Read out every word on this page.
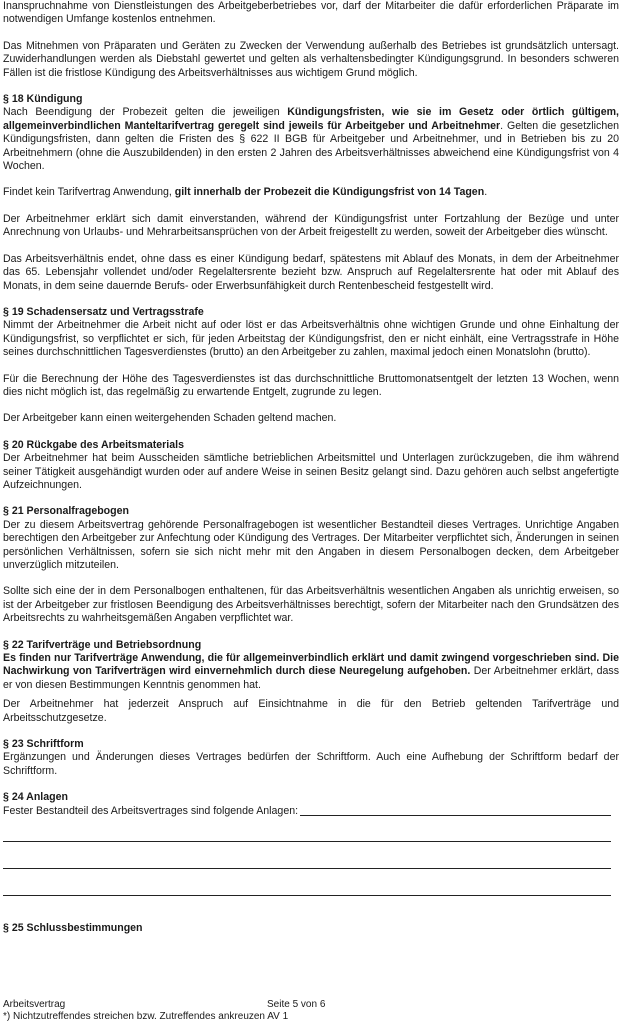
Inanspruchnahme von Dienstleistungen des Arbeitgeberbetriebes vor, darf der Mitarbeiter die dafür erforderlichen Präparate im notwendigen Umfange kostenlos entnehmen.

Das Mitnehmen von Präparaten und Geräten zu Zwecken der Verwendung außerhalb des Betriebes ist grundsätzlich untersagt. Zuwiderhandlungen werden als Diebstahl gewertet und gelten als verhaltensbedingter Kündigungsgrund. In besonders schweren Fällen ist die fristlose Kündigung des Arbeitsverhältnisses aus wichtigem Grund möglich.

§ 18 Kündigung

Nach Beendigung der Probezeit gelten die jeweiligen Kündigungsfristen, wie sie im Gesetz oder örtlich gültigem, allgemeinverbindlichen Manteltarifvertrag geregelt sind jeweils für Arbeitgeber und Arbeitnehmer. Gelten die gesetzlichen Kündigungsfristen, dann gelten die Fristen des § 622 II BGB für Arbeitgeber und Arbeitnehmer, und in Betrieben bis zu 20 Arbeitnehmern (ohne die Auszubildenden) in den ersten 2 Jahren des Arbeitsverhältnisses abweichend eine Kündigungsfrist von 4 Wochen.

Findet kein Tarifvertrag Anwendung, gilt innerhalb der Probezeit die Kündigungsfrist von 14 Tagen.

Der Arbeitnehmer erklärt sich damit einverstanden, während der Kündigungsfrist unter Fortzahlung der Bezüge und unter Anrechnung von Urlaubs- und Mehrarbeitsansprüchen von der Arbeit freigestellt zu werden, soweit der Arbeitgeber dies wünscht.

Das Arbeitsverhältnis endet, ohne dass es einer Kündigung bedarf, spätestens mit Ablauf des Monats, in dem der Arbeitnehmer das 65. Lebensjahr vollendet und/oder Regelaltersrente bezieht bzw. Anspruch auf Regelaltersrente hat oder mit Ablauf des Monats, in dem seine dauernde Berufs- oder Erwerbsunfähigkeit durch Rentenbescheid festgestellt wird.

§ 19 Schadensersatz und Vertragsstrafe

Nimmt der Arbeitnehmer die Arbeit nicht auf oder löst er das Arbeitsverhältnis ohne wichtigen Grunde und ohne Einhaltung der Kündigungsfrist, so verpflichtet er sich, für jeden Arbeitstag der Kündigungsfrist, den er nicht einhält, eine Vertragsstrafe in Höhe seines durchschnittlichen Tagesverdienstes (brutto) an den Arbeitgeber zu zahlen, maximal jedoch einen Monatslohn (brutto).

Für die Berechnung der Höhe des Tagesverdienstes ist das durchschnittliche Bruttomonatsentgelt der letzten 13 Wochen, wenn dies nicht möglich ist, das regelmäßig zu erwartende Entgelt, zugrunde zu legen.

Der Arbeitgeber kann einen weitergehenden Schaden geltend machen.

§ 20 Rückgabe des Arbeitsmaterials

Der Arbeitnehmer hat beim Ausscheiden sämtliche betrieblichen Arbeitsmittel und Unterlagen zurückzugeben, die ihm während seiner Tätigkeit ausgehändigt wurden oder auf andere Weise in seinen Besitz gelangt sind. Dazu gehören auch selbst angefertigte Aufzeichnungen.

§ 21 Personalfragebogen

Der zu diesem Arbeitsvertrag gehörende Personalfragebogen ist wesentlicher Bestandteil dieses Vertrages. Unrichtige Angaben berechtigen den Arbeitgeber zur Anfechtung oder Kündigung des Vertrages. Der Mitarbeiter verpflichtet sich, Änderungen in seinen persönlichen Verhältnissen, sofern sie sich nicht mehr mit den Angaben in diesem Personalbogen decken, dem Arbeitgeber unverzüglich mitzuteilen.

Sollte sich eine der in dem Personalbogen enthaltenen, für das Arbeitsverhältnis wesentlichen Angaben als unrichtig erweisen, so ist der Arbeitgeber zur fristlosen Beendigung des Arbeitsverhältnisses berechtigt, sofern der Mitarbeiter nach den Grundsätzen des Arbeitsrechts zu wahrheitsgemäßen Angaben verpflichtet war.

§ 22 Tarifverträge und Betriebsordnung

Es finden nur Tarifverträge Anwendung, die für allgemeinverbindlich erklärt und damit zwingend vorgeschrieben sind. Die Nachwirkung von Tarifverträgen wird einvernehmlich durch diese Neuregelung aufgehoben. Der Arbeitnehmer erklärt, dass er von diesen Bestimmungen Kenntnis genommen hat.

Der Arbeitnehmer hat jederzeit Anspruch auf Einsichtnahme in die für den Betrieb geltenden Tarifverträge und Arbeitsschutzgesetze.

§ 23 Schriftform

Ergänzungen und Änderungen dieses Vertrages bedürfen der Schriftform. Auch eine Aufhebung der Schriftform bedarf der Schriftform.

§ 24 Anlagen
Fester Bestandteil des Arbeitsvertrages sind folgende Anlagen:
§ 25 Schlussbestimmungen
Arbeitsvertrag	Seite 5 von 6
*) Nichtzutreffendes streichen bzw. Zutreffendes ankreuzen AV 1
